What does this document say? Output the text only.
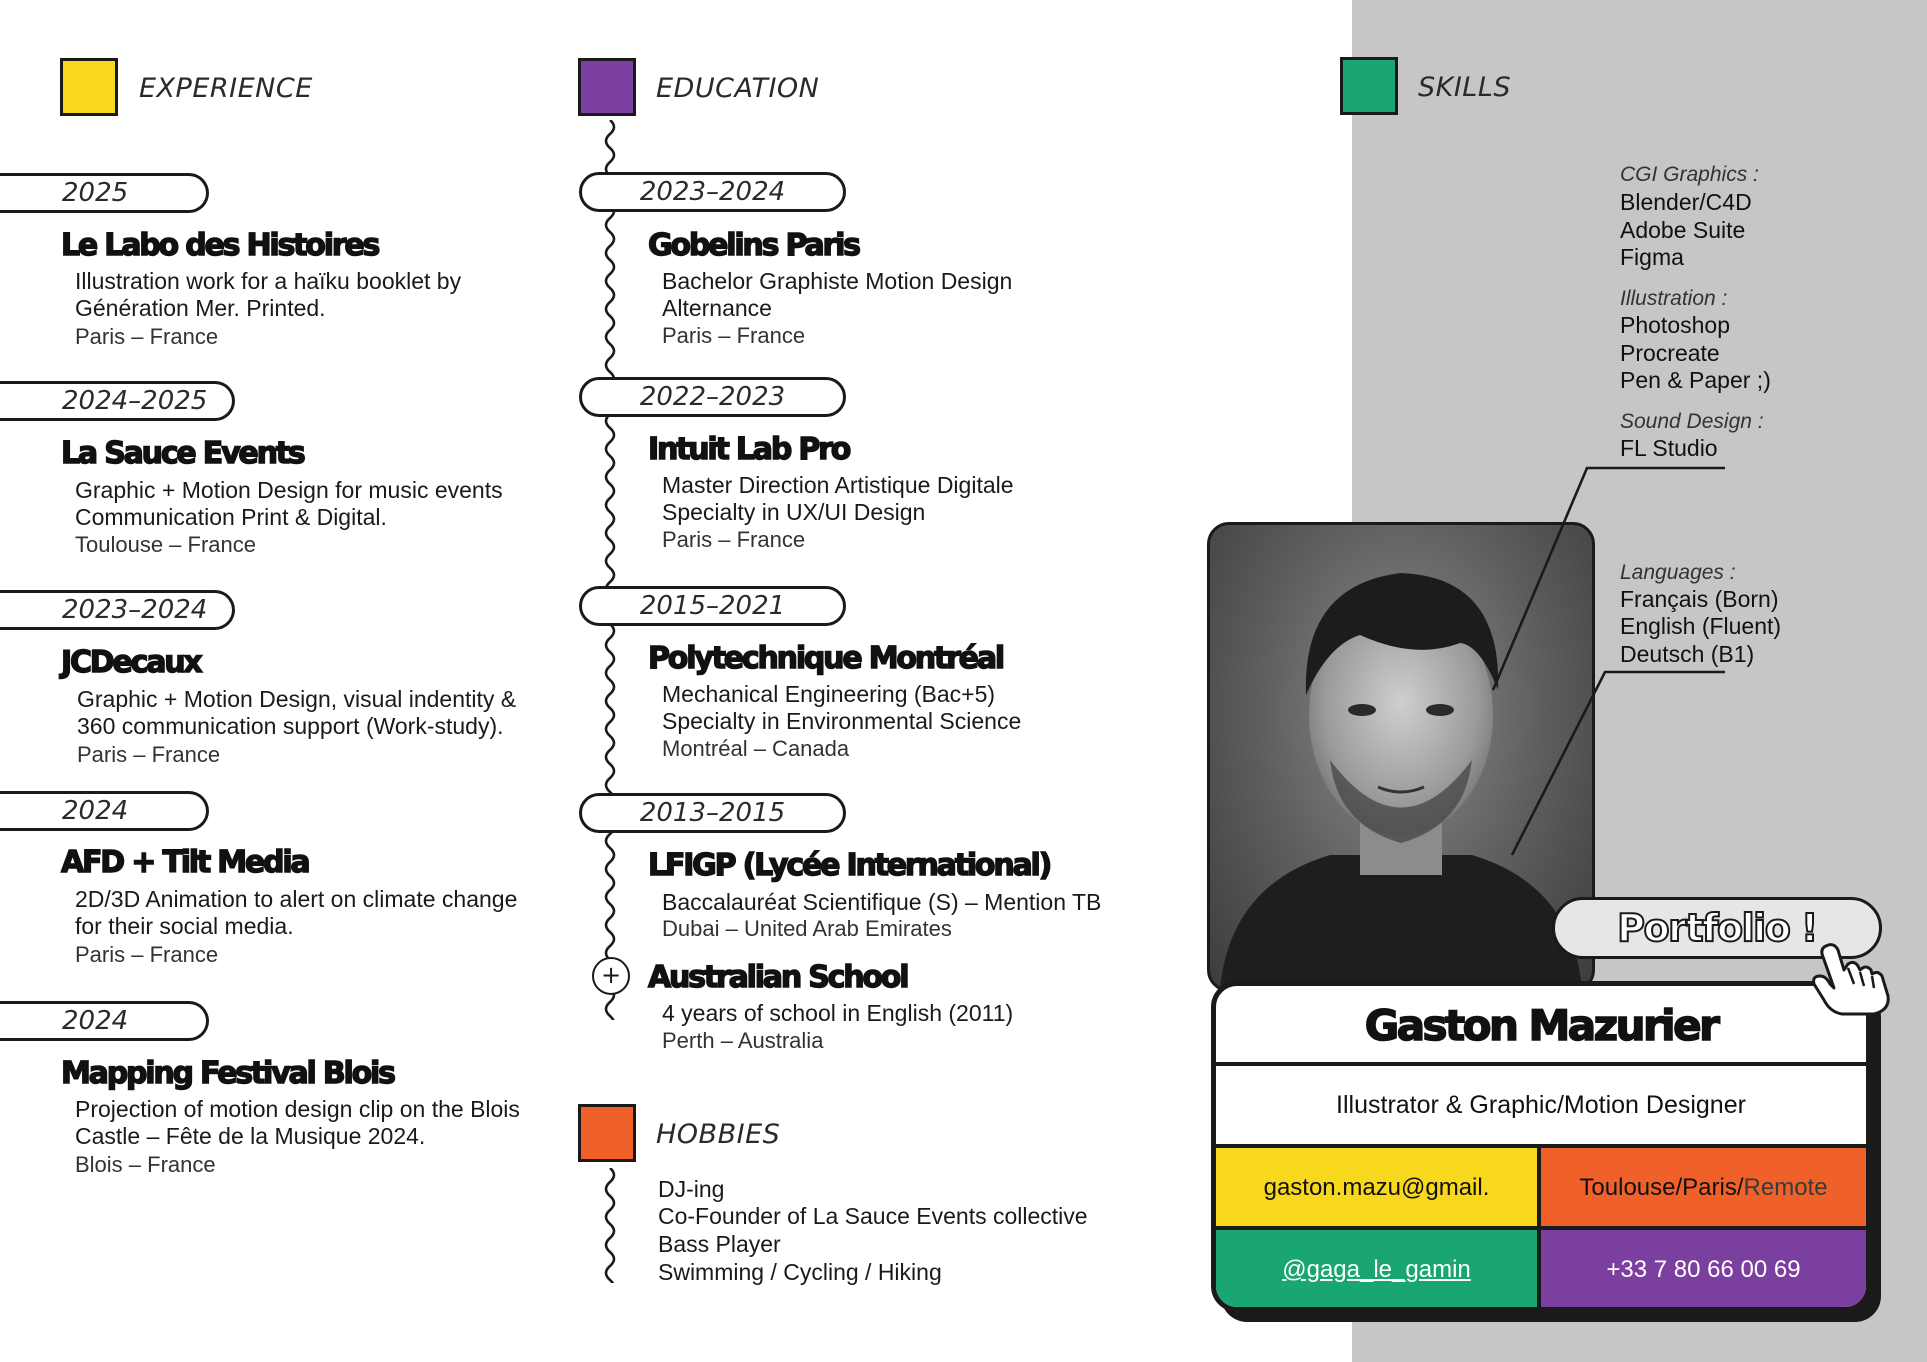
EXPERIENCE
2025
Le Labo des Histoires
Illustration work for a haïku booklet by
Génération Mer. Printed.
Paris – France
2024–2025
La Sauce Events
Graphic + Motion Design for music events
Communication Print & Digital.
Toulouse – France
2023–2024
JCDecaux
Graphic + Motion Design, visual indentity &
360 communication support (Work-study).
Paris – France
2024
AFD + Tilt Media
2D/3D Animation to alert on climate change
for their social media.
Paris – France
2024
Mapping Festival Blois
Projection of motion design clip on the Blois
Castle – Fête de la Musique 2024.
Blois – France
EDUCATION
2023–2024
Gobelins Paris
Bachelor Graphiste Motion Design
Alternance
Paris – France
2022–2023
Intuit Lab Pro
Master Direction Artistique Digitale
Specialty in UX/UI Design
Paris – France
2015–2021
Polytechnique Montréal
Mechanical Engineering (Bac+5)
Specialty in Environmental Science
Montréal – Canada
2013–2015
LFIGP (Lycée International)
Baccalauréat Scientifique (S) – Mention TB
Dubai – United Arab Emirates
+ Australian School
4 years of school in English (2011)
Perth – Australia
HOBBIES
DJ-ing
Co-Founder of La Sauce Events collective
Bass Player
Swimming / Cycling / Hiking
SKILLS
CGI Graphics :
Blender/C4D
Adobe Suite
Figma
Illustration :
Photoshop
Procreate
Pen & Paper ;)
Sound Design :
FL Studio
Languages :
Français (Born)
English (Fluent)
Deutsch (B1)
Gaston Mazurier
Illustrator & Graphic/Motion Designer
gaston.mazu@gmail.	Toulouse/Paris/Remote
@gaga_le_gamin	+33 7 80 66 00 69
Portfolio !
